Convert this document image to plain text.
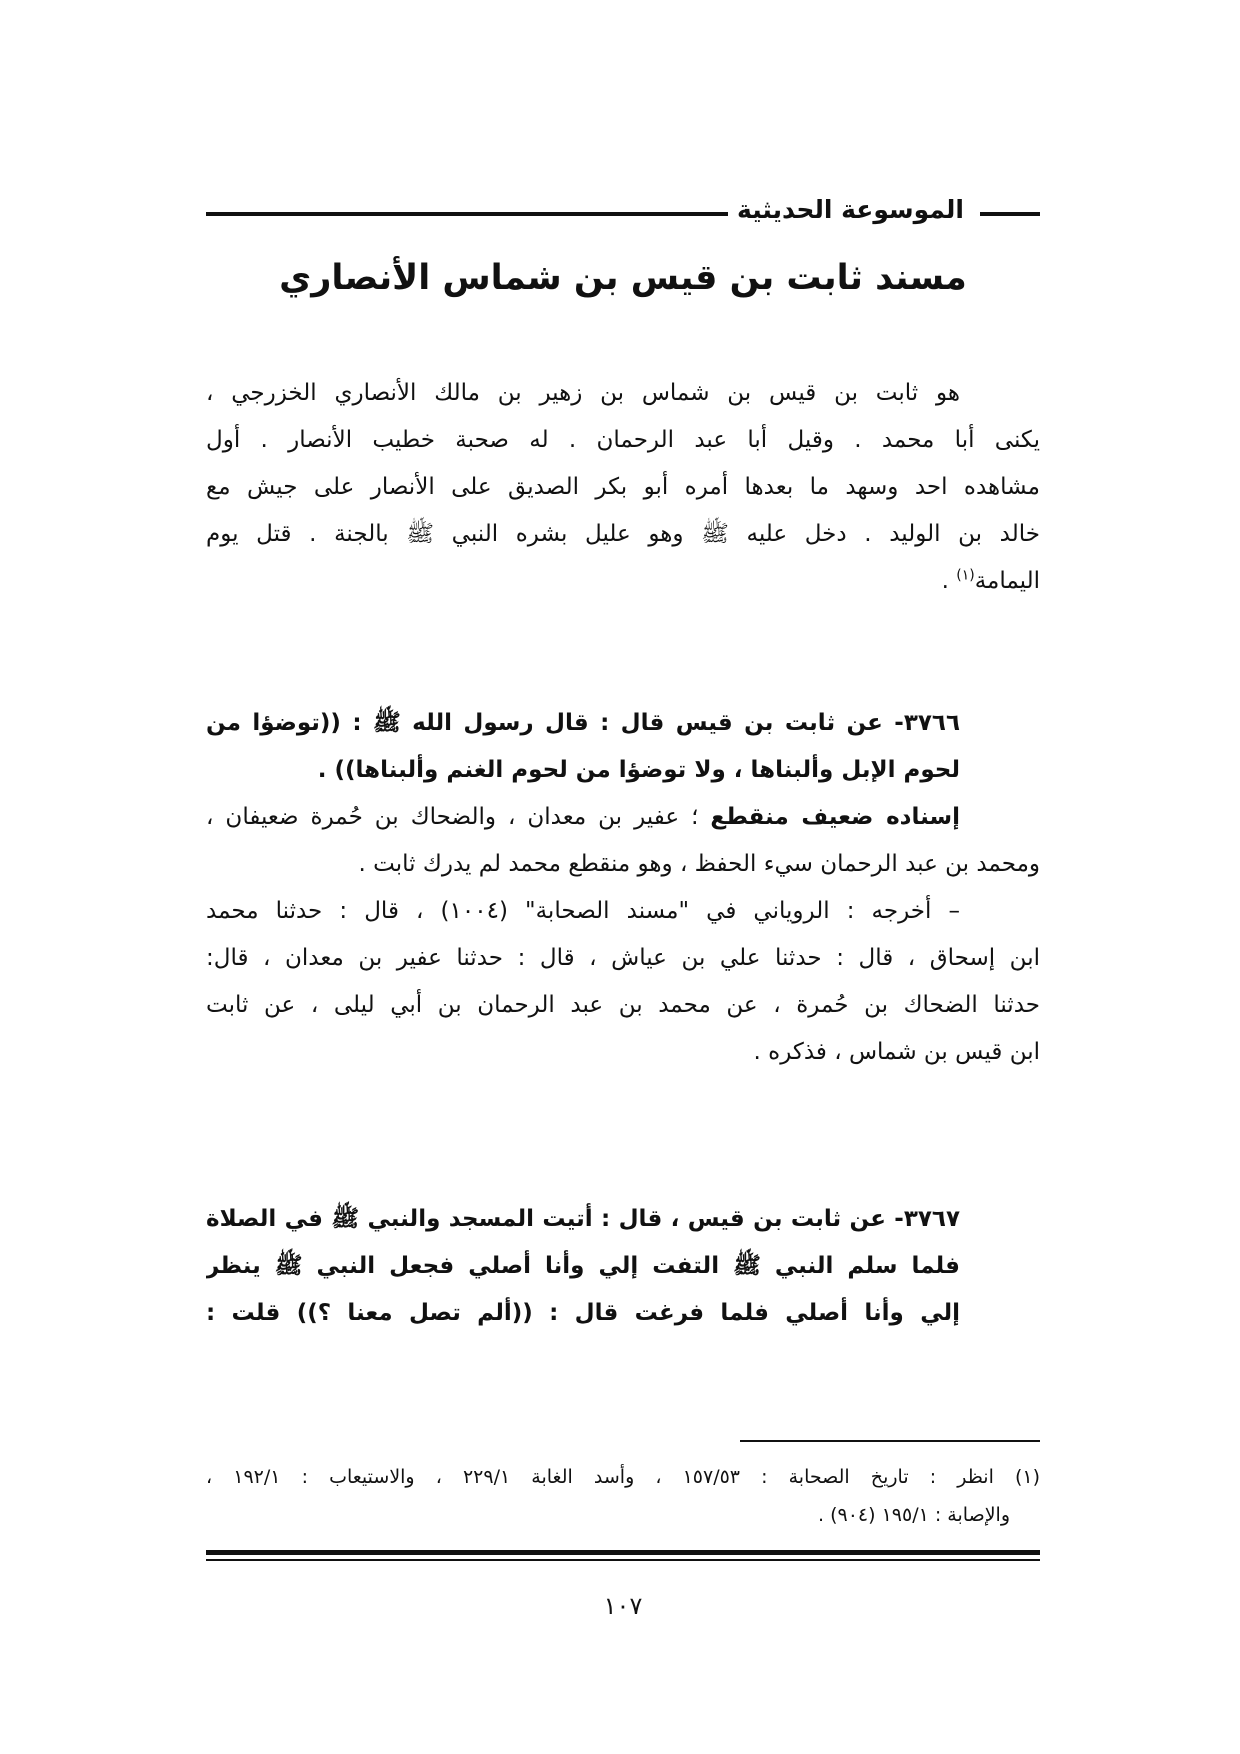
الموسوعة الحديثية
مسند ثابت بن قيس بن شماس الأنصاري
هو ثابت بن قيس بن شماس بن زهير بن مالك الأنصاري الخزرجي ،
يكنى أبا محمد . وقيل أبا عبد الرحمان . له صحبة خطيب الأنصار . أول
مشاهده احد وسهد ما بعدها أمره أبو بكر الصديق على الأنصار على جيش مع
خالد بن الوليد . دخل عليه ﷺ وهو عليل بشره النبي ﷺ بالجنة . قتل يوم
اليمامة$^{(١)}$ .
٣٧٦٦- عن ثابت بن قيس قال : قال رسول الله ﷺ : ((توضؤا من
لحوم الإبل وألبناها ، ولا توضؤا من لحوم الغنم وألبناها)) .
إسناده ضعيف منقطع ؛ عفير بن معدان ، والضحاك بن حُمرة ضعيفان ،
ومحمد بن عبد الرحمان سيء الحفظ ، وهو منقطع محمد لم يدرك ثابت .
– أخرجه : الروياني في "مسند الصحابة" (١٠٠٤) ، قال : حدثنا محمد
ابن إسحاق ، قال : حدثنا علي بن عياش ، قال : حدثنا عفير بن معدان ، قال:
حدثنا الضحاك بن حُمرة ، عن محمد بن عبد الرحمان بن أبي ليلى ، عن ثابت
ابن قيس بن شماس ، فذكره .
٣٧٦٧- عن ثابت بن قيس ، قال : أتيت المسجد والنبي ﷺ في الصلاة
فلما سلم النبي ﷺ التفت إلي وأنا أصلي فجعل النبي ﷺ ينظر
إلي وأنا أصلي فلما فرغت قال : ((ألم تصل معنا ؟)) قلت :
(١) انظر : تاريخ الصحابة : ١٥٧/٥٣ ، وأسد الغابة ٢٢٩/١ ، والاستيعاب : ١٩٢/١ ،
والإصابة : ١٩٥/١ (٩٠٤) .
١٠٧
